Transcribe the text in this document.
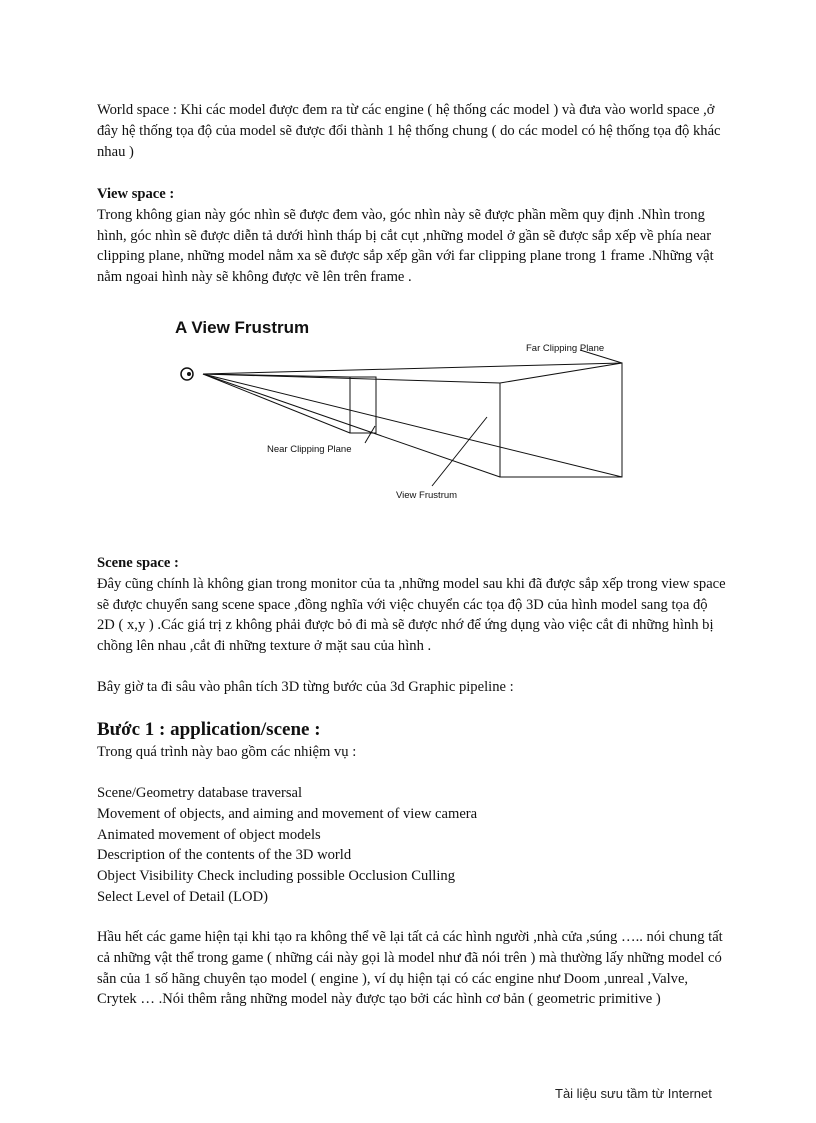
World space : Khi các model được đem ra từ các engine ( hệ thống các model ) và đưa vào world space ,ở đây hệ thống tọa độ của model sẽ được đổi thành 1 hệ thống chung ( do các model có hệ thống tọa độ khác nhau )

View space :

Trong không gian này góc nhìn sẽ được đem vào, góc nhìn này sẽ được phần mềm quy định .Nhìn trong hình, góc nhìn sẽ được diễn tả dưới hình tháp bị cắt cụt ,những model ở gần sẽ được sắp xếp về phía near clipping plane, những model nằm xa sẽ được sắp xếp gần với far clipping plane trong 1 frame .Những vật nằm ngoai hình này sẽ không được vẽ lên trên frame .

A View Frustrum
Far Clipping Plane
Near Clipping Plane
View Frustrum

Scene space :

Đây cũng chính là không gian trong monitor của ta ,những model sau khi đã được sắp xếp trong view space sẽ được chuyển sang scene space ,đồng nghĩa với việc chuyển các tọa độ 3D của hình model sang tọa độ 2D ( x,y ) .Các giá trị z không phải được bỏ đi mà sẽ được nhớ để ứng dụng vào việc cắt đi những hình bị chồng lên nhau ,cắt đi những texture ở mặt sau của hình .

Bây giờ ta đi sâu vào phân tích 3D từng bước của 3d Graphic pipeline :

Bước 1 : application/scene :

Trong quá trình này bao gồm các nhiệm vụ :

Scene/Geometry database traversal

Movement of objects, and aiming and movement of view camera

Animated movement of object models

Description of the contents of the 3D world

Object Visibility Check including possible Occlusion Culling

Select Level of Detail (LOD)

Hầu hết các game hiện tại khi tạo ra không thể vẽ lại tất cả các hình người ,nhà cửa ,súng ….. nói chung tất cả những vật thể trong game ( những cái này gọi là model như đã nói trên ) mà thường lấy những model có sẵn của 1 số hãng chuyên tạo model ( engine ), ví dụ hiện tại có các engine như Doom ,unreal ,Valve, Crytek … .Nói thêm rằng những model này được tạo bởi các hình cơ bản ( geometric primitive )

Tài liệu sưu tầm từ Internet
